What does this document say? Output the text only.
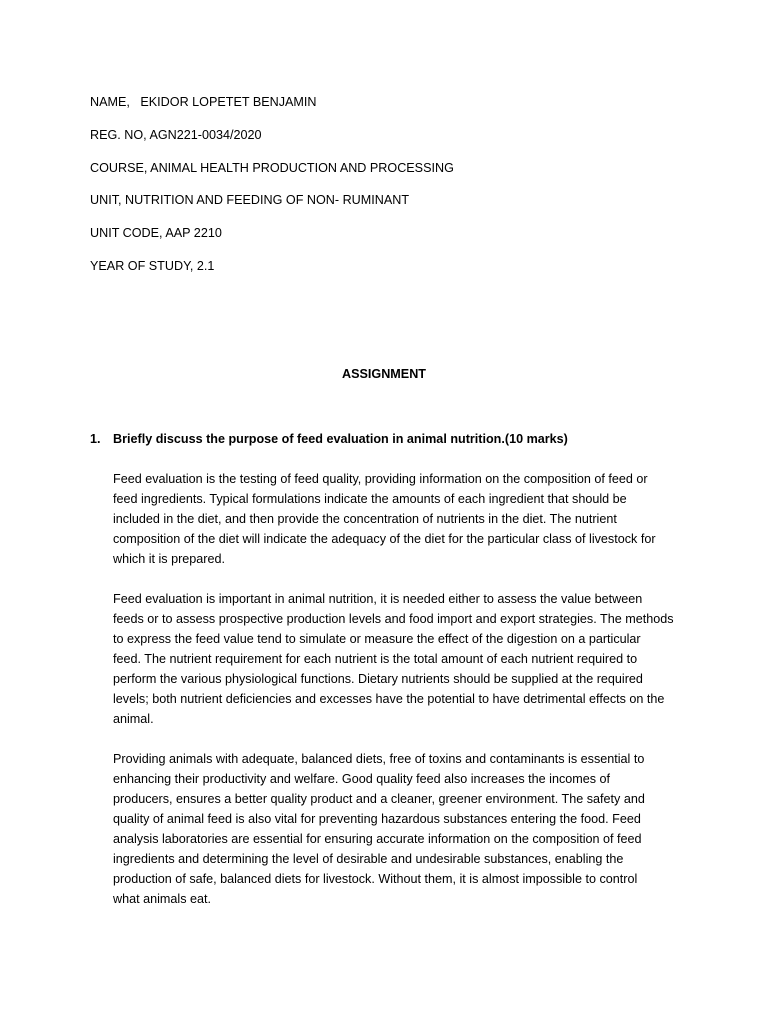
NAME,   EKIDOR LOPETET BENJAMIN

REG. NO, AGN221-0034/2020

COURSE, ANIMAL HEALTH PRODUCTION AND PROCESSING

UNIT, NUTRITION AND FEEDING OF NON- RUMINANT

UNIT CODE, AAP 2210

YEAR OF STUDY, 2.1

ASSIGNMENT

1. Briefly discuss the purpose of feed evaluation in animal nutrition.(10 marks)

Feed evaluation is the testing of feed quality, providing information on the composition of feed or
feed ingredients. Typical formulations indicate the amounts of each ingredient that should be
included in the diet, and then provide the concentration of nutrients in the diet. The nutrient
composition of the diet will indicate the adequacy of the diet for the particular class of livestock for
which it is prepared.

Feed evaluation is important in animal nutrition, it is needed either to assess the value between
feeds or to assess prospective production levels and food import and export strategies. The methods
to express the feed value tend to simulate or measure the effect of the digestion on a particular
feed. The nutrient requirement for each nutrient is the total amount of each nutrient required to
perform the various physiological functions. Dietary nutrients should be supplied at the required
levels; both nutrient deficiencies and excesses have the potential to have detrimental effects on the
animal.

Providing animals with adequate, balanced diets, free of toxins and contaminants is essential to
enhancing their productivity and welfare. Good quality feed also increases the incomes of
producers, ensures a better quality product and a cleaner, greener environment. The safety and
quality of animal feed is also vital for preventing hazardous substances entering the food. Feed
analysis laboratories are essential for ensuring accurate information on the composition of feed
ingredients and determining the level of desirable and undesirable substances, enabling the
production of safe, balanced diets for livestock. Without them, it is almost impossible to control
what animals eat.
